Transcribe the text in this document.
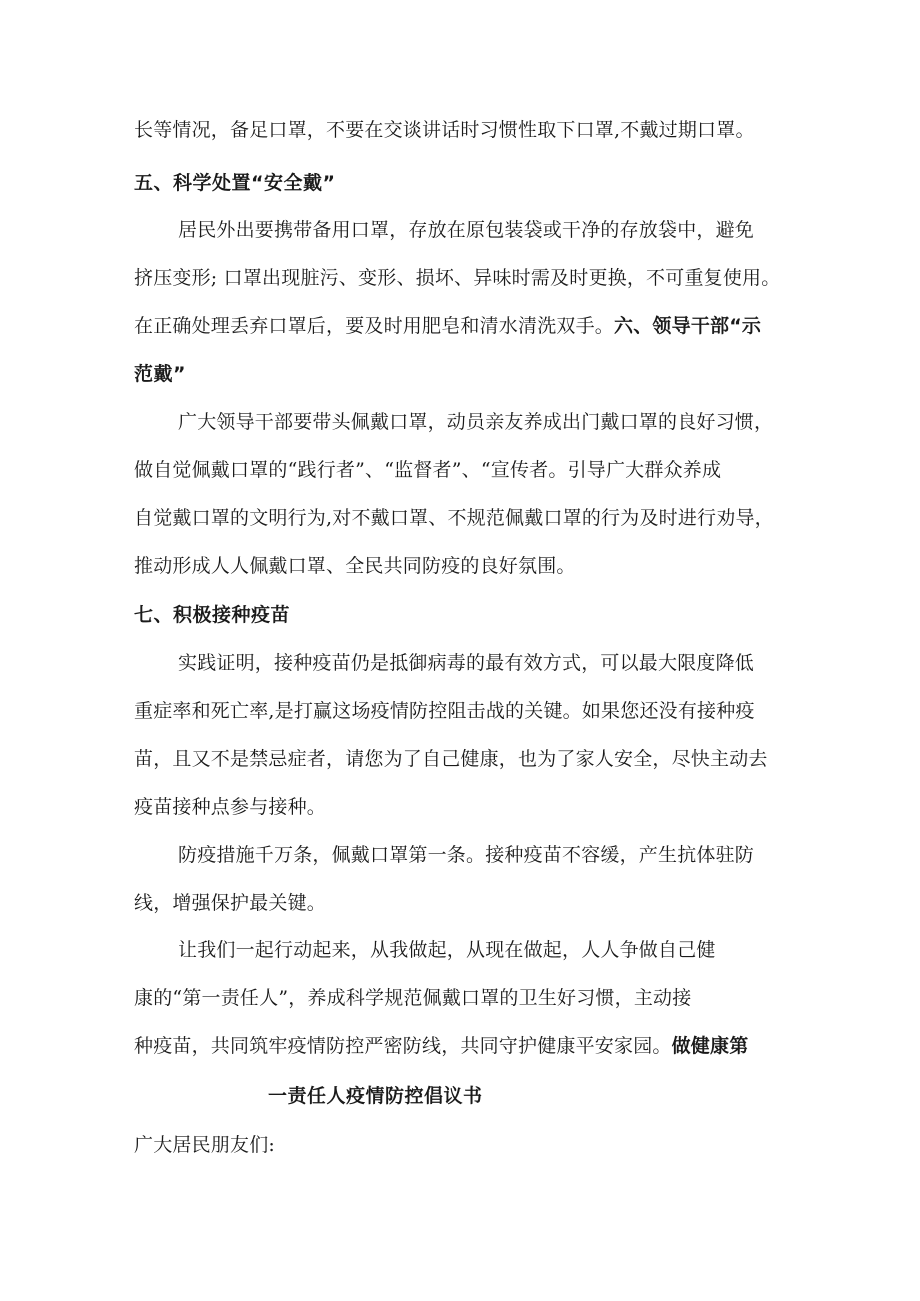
长等情况，备足口罩，不要在交谈讲话时习惯性取下口罩,不戴过期口罩。
五、科学处置“安全戴”
居民外出要携带备用口罩，存放在原包装袋或干净的存放袋中，避免
挤压变形; 口罩出现脏污、变形、损坏、异味时需及时更换，不可重复使用。
在正确处理丢弃口罩后，要及时用肥皂和清水清洗双手。六、领导干部“示
范戴”
广大领导干部要带头佩戴口罩，动员亲友养成出门戴口罩的良好习惯，
做自觉佩戴口罩的“践行者”、“监督者”、“宣传者。引导广大群众养成
自觉戴口罩的文明行为,对不戴口罩、不规范佩戴口罩的行为及时进行劝导，
推动形成人人佩戴口罩、全民共同防疫的良好氛围。
七、积极接种疫苗
实践证明，接种疫苗仍是抵御病毒的最有效方式，可以最大限度降低
重症率和死亡率,是打赢这场疫情防控阻击战的关键。如果您还没有接种疫
苗，且又不是禁忌症者，请您为了自己健康，也为了家人安全，尽快主动去
疫苗接种点参与接种。
防疫措施千万条，佩戴口罩第一条。接种疫苗不容缓，产生抗体驻防
线，增强保护最关键。
让我们一起行动起来，从我做起，从现在做起，人人争做自己健
康的“第一责任人”，养成科学规范佩戴口罩的卫生好习惯，主动接
种疫苗，共同筑牢疫情防控严密防线，共同守护健康平安家园。做健康第
一责任人疫情防控倡议书
广大居民朋友们:
